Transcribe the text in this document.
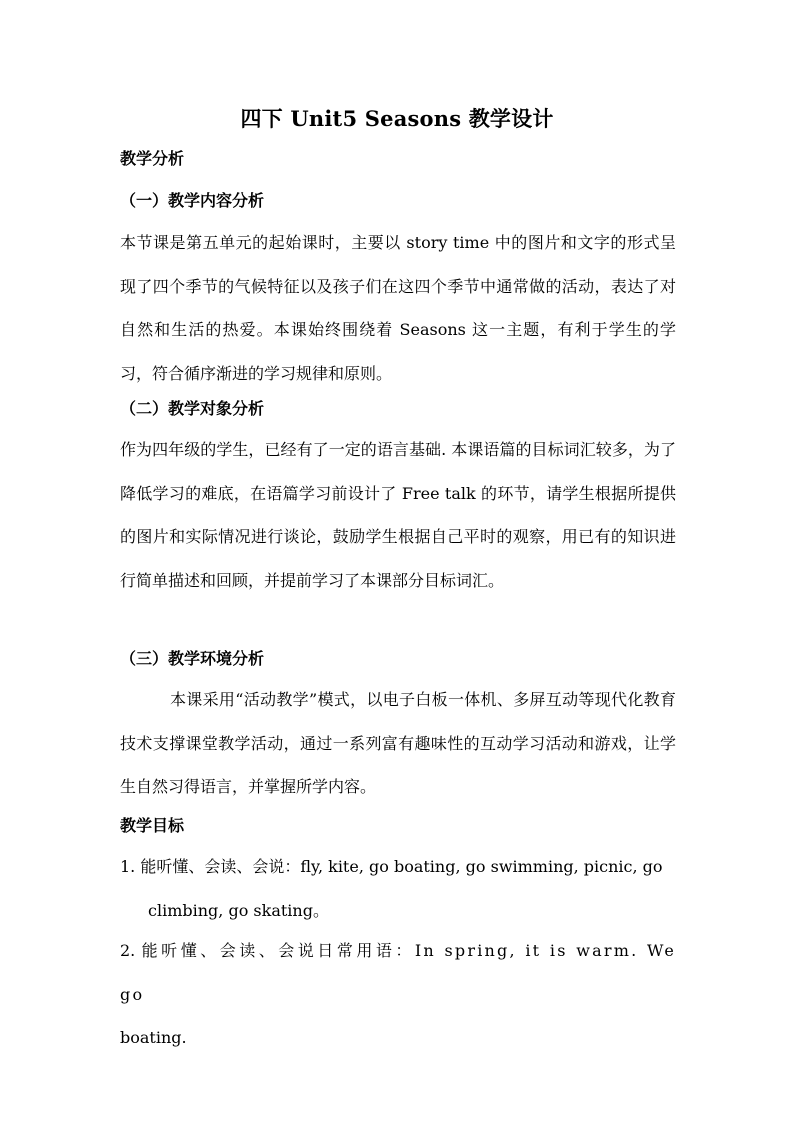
四下 Unit5 Seasons 教学设计
教学分析
（一）教学内容分析
本节课是第五单元的起始课时，主要以 story time 中的图片和文字的形式呈现了四个季节的气候特征以及孩子们在这四个季节中通常做的活动，表达了对自然和生活的热爱。本课始终围绕着 Seasons 这一主题，有利于学生的学习，符合循序渐进的学习规律和原则。
（二）教学对象分析
作为四年级的学生，已经有了一定的语言基础. 本课语篇的目标词汇较多，为了降低学习的难底，在语篇学习前设计了 Free talk 的环节，请学生根据所提供的图片和实际情况进行谈论，鼓励学生根据自己平时的观察，用已有的知识进行简单描述和回顾，并提前学习了本课部分目标词汇。
（三）教学环境分析
本课采用“活动教学”模式，以电子白板一体机、多屏互动等现代化教育技术支撑课堂教学活动，通过一系列富有趣味性的互动学习活动和游戏，让学生自然习得语言，并掌握所学内容。
教学目标
1. 能听懂、会读、会说：fly, kite, go boating, go swimming, picnic, go
climbing, go skating。
2. 能听懂、会读、会说日常用语：In spring, it is warm. We go
boating.
